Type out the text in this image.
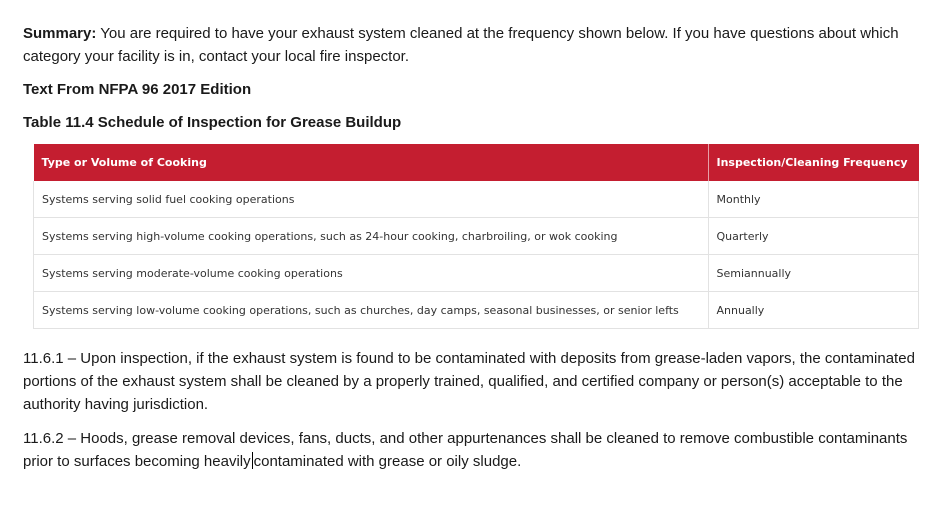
Summary: You are required to have your exhaust system cleaned at the frequency shown below. If you have questions about which category your facility is in, contact your local fire inspector.

Text From NFPA 96 2017 Edition

Table 11.4 Schedule of Inspection for Grease Buildup

Type or Volume of Cooking	Inspection/Cleaning Frequency
Systems serving solid fuel cooking operations	Monthly
Systems serving high-volume cooking operations, such as 24-hour cooking, charbroiling, or wok cooking	Quarterly
Systems serving moderate-volume cooking operations	Semiannually
Systems serving low-volume cooking operations, such as churches, day camps, seasonal businesses, or senior lefts	Annually

11.6.1 – Upon inspection, if the exhaust system is found to be contaminated with deposits from grease-laden vapors, the contaminated portions of the exhaust system shall be cleaned by a properly trained, qualified, and certified company or person(s) acceptable to the authority having jurisdiction.

11.6.2 – Hoods, grease removal devices, fans, ducts, and other appurtenances shall be cleaned to remove combustible contaminants prior to surfaces becoming heavily contaminated with grease or oily sludge.
